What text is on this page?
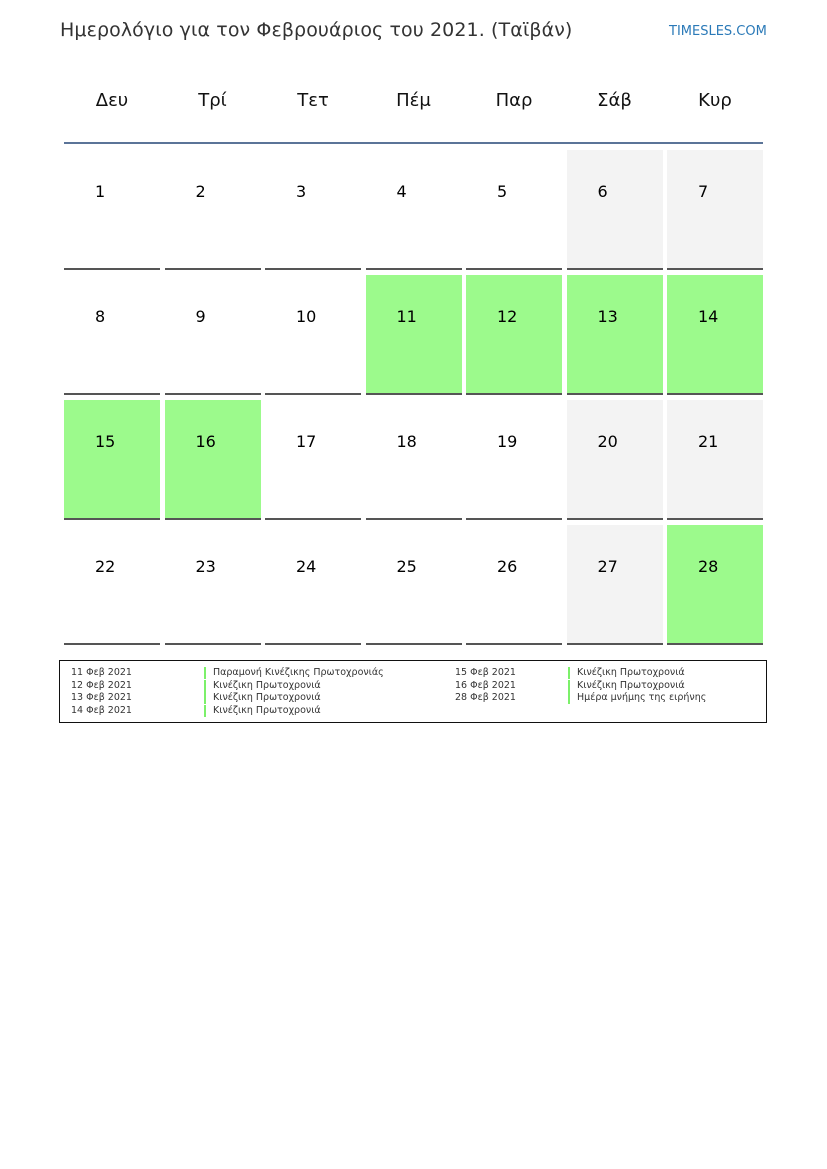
Ημερολόγιο για τον Φεβρουάριος του 2021. (Ταϊβάν)	TIMESLES.COM
Δευ	Τρί	Τετ	Πέμ	Παρ	Σάβ	Κυρ
1	2	3	4	5	6	7
8	9	10	11	12	13	14
15	16	17	18	19	20	21
22	23	24	25	26	27	28
11 Φεβ 2021	Παραμονή Κινέζικης Πρωτοχρονιάς
12 Φεβ 2021	Κινέζικη Πρωτοχρονιά
13 Φεβ 2021	Κινέζικη Πρωτοχρονιά
14 Φεβ 2021	Κινέζικη Πρωτοχρονιά
15 Φεβ 2021	Κινέζικη Πρωτοχρονιά
16 Φεβ 2021	Κινέζικη Πρωτοχρονιά
28 Φεβ 2021	Ημέρα μνήμης της ειρήνης
